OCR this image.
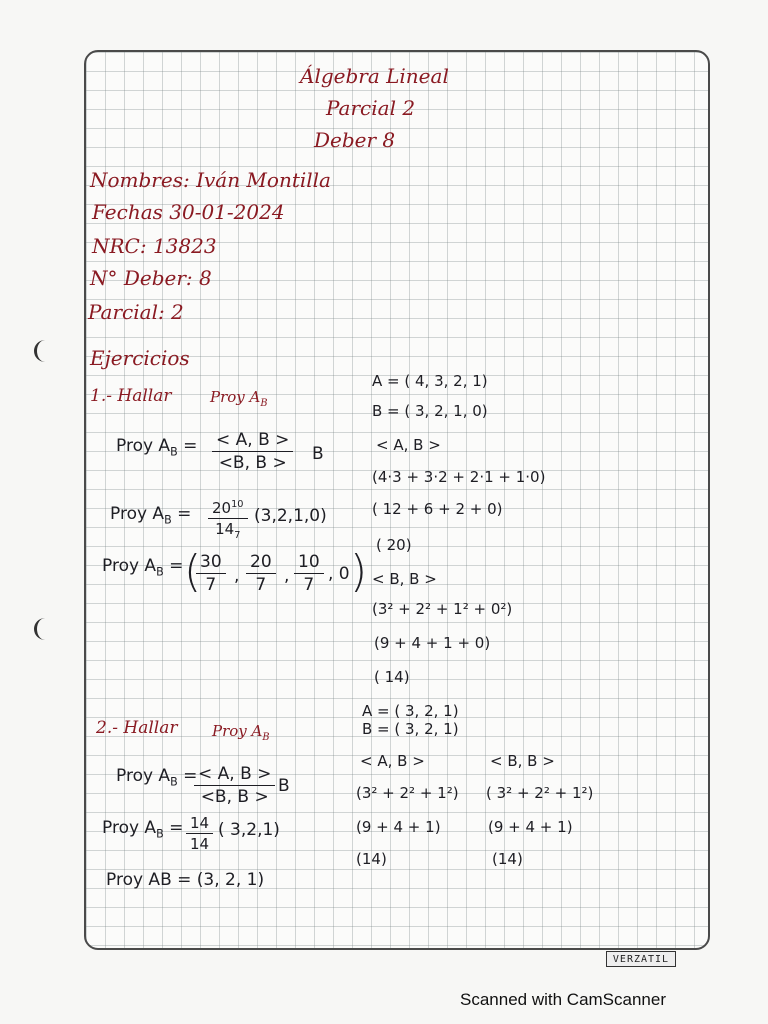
Álgebra Lineal
Parcial 2
Deber 8
Nombres: Iván Montilla
Fechas 30-01-2024
NRC: 13823
N° Deber: 8
Parcial: 2
Ejercicios
1.- Hallar	Proy $A_B$
Proy $A_B = \frac{< A, B >}{<B, B >}$ B
Proy $A_B = \frac{20^{10}}{14_7} (3,2,1,0)$
Proy $A_B$ = (
$\frac{30}{7}$ , $\frac{20}{7}$ , $\frac{10}{7}$ , 0 )
A = ( 4, 3, 2, 1)
B = ( 3, 2, 1, 0)
< A, B >
(4·3 + 3·2 + 2·1 + 1·0)
( 12 + 6 + 2 + 0)
( 20)
< B, B >
(3² + 2² + 1² + 0²)
(9 + 4 + 1 + 0)
( 14)
2.- Hallar Proy $A_B$
A = ( 3, 2, 1)
B = ( 3, 2, 1)
Proy $A_B$ =
$\frac{< A, B >}{<B, B >}$ B
Proy $A_B = \frac{14}{14}$ ( 3,2,1)
Proy AB = (3, 2, 1)
< A, B >
(3² + 2² + 1²)
(9 + 4 + 1)
(14)
< B, B >
( 3² + 2² + 1²)
(9 + 4 + 1)
(14)
VERZATIL
Scanned with CamScanner
